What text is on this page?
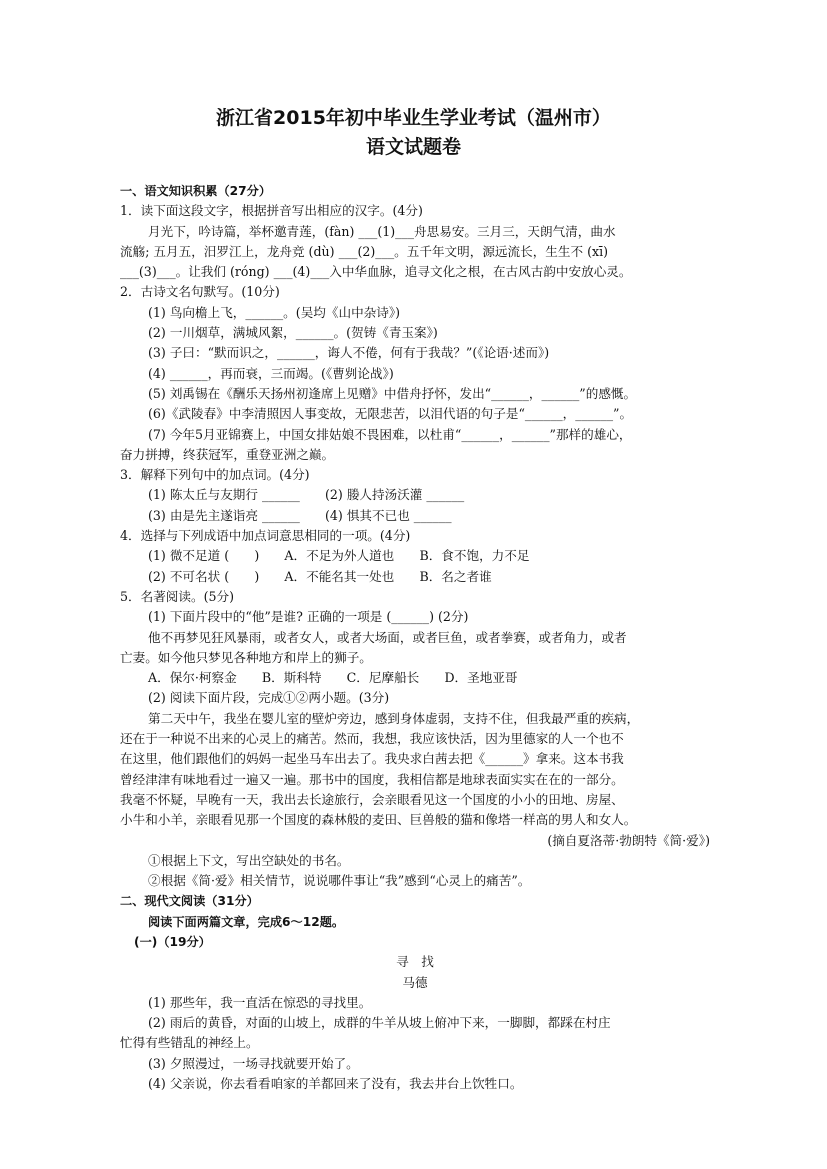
浙江省2015年初中毕业生学业考试（温州市）
语文试题卷

一、语文知识积累（27分）

1．读下面这段文字，根据拼音写出相应的汉字。(4分)

月光下，吟诗篇，举杯邀青莲，(fàn) ___(1)___舟思易安。三月三，天朗气清，曲水

流觞; 五月五，汨罗江上，龙舟竞 (dù) ___(2)___。五千年文明，源远流长，生生不 (xī)

___(3)___。让我们 (róng) ___(4)___入中华血脉，追寻文化之根，在古风古韵中安放心灵。

2．古诗文名句默写。(10分)

(1) 鸟向檐上飞，______。(吴均《山中杂诗》)

(2) 一川烟草，满城风絮，______。(贺铸《青玉案》)

(3) 子曰：“默而识之，______，诲人不倦，何有于我哉？”(《论语·述而》)

(4) ______，再而衰，三而竭。(《曹刿论战》)

(5) 刘禹锡在《酬乐天扬州初逢席上见赠》中借舟抒怀，发出“______，______”的感慨。

(6)《武陵春》中李清照因人事变故，无限悲苦，以泪代语的句子是“______，______”。

(7) 今年5月亚锦赛上，中国女排姑娘不畏困难，以杜甫“______，______”那样的雄心，

奋力拼搏，终获冠军，重登亚洲之巅。

3．解释下列句中的加点词。(4分)

(1) 陈太丘与友期行 ______　　(2) 媵人持汤沃灌 ______

(3) 由是先主遂诣亮 ______　　(4) 惧其不已也 ______

4．选择与下列成语中加点词意思相同的一项。(4分)

(1) 微不足道 (　　)　　A．不足为外人道也　　B．食不饱，力不足

(2) 不可名状 (　　)　　A．不能名其一处也　　B．名之者谁

5．名著阅读。(5分)

(1) 下面片段中的“他”是谁? 正确的一项是 (______) (2分)

他不再梦见狂风暴雨，或者女人，或者大场面，或者巨鱼，或者拳赛，或者角力，或者

亡妻。如今他只梦见各种地方和岸上的狮子。

A．保尔·柯察金　　B．斯科特　　C．尼摩船长　　D．圣地亚哥

(2) 阅读下面片段，完成①②两小题。(3分)

第二天中午，我坐在婴儿室的壁炉旁边，感到身体虚弱，支持不住，但我最严重的疾病，

还在于一种说不出来的心灵上的痛苦。然而，我想，我应该快活，因为里德家的人一个也不

在这里，他们跟他们的妈妈一起坐马车出去了。我央求白茜去把《______》拿来。这本书我

曾经津津有味地看过一遍又一遍。那书中的国度，我相信都是地球表面实实在在的一部分。

我毫不怀疑，早晚有一天，我出去长途旅行，会亲眼看见这一个国度的小小的田地、房屋、

小牛和小羊，亲眼看见那一个国度的森林般的麦田、巨兽般的猫和像塔一样高的男人和女人。

(摘自夏洛蒂·勃朗特《简·爱》)

①根据上下文，写出空缺处的书名。

②根据《简·爱》相关情节，说说哪件事让“我”感到“心灵上的痛苦”。

二、现代文阅读（31分）

阅读下面两篇文章，完成6～12题。

(一)（19分）

寻　找

马德

(1) 那些年，我一直活在惊恐的寻找里。

(2) 雨后的黄昏，对面的山坡上，成群的牛羊从坡上俯冲下来，一脚脚，都踩在村庄

忙得有些错乱的神经上。

(3) 夕照漫过，一场寻找就要开始了。

(4) 父亲说，你去看看咱家的羊都回来了没有，我去井台上饮牲口。
